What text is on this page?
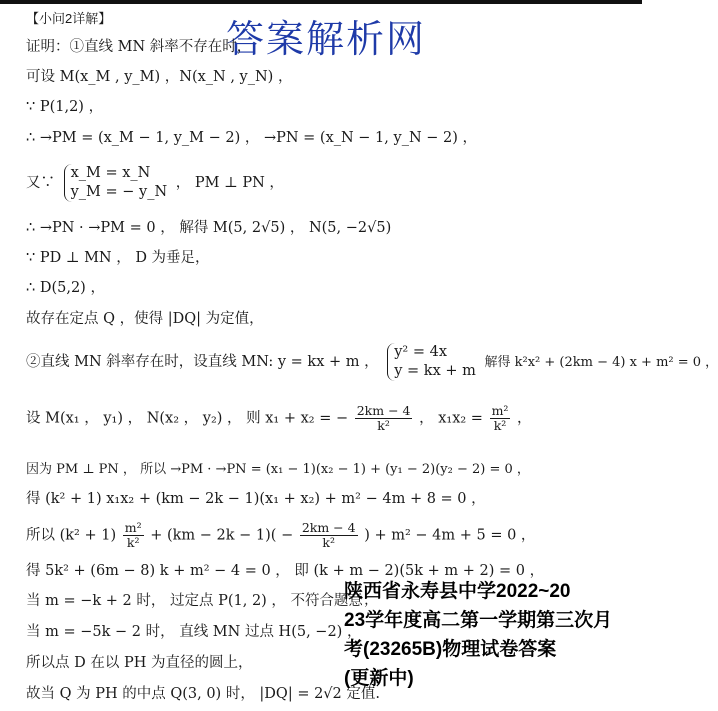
【小问2详解】	答案解析网
证明：①直线 MN 斜率不存在时，
可设 M(x_M , y_M) ，N(x_N , y_N) ，
∵ P(1,2) ，
∴ →PM = (x_M − 1, y_M − 2) ， →PN = (x_N − 1, y_N − 2) ，
又∵
x_M = x_N
y_M = − y_N
， PM ⊥ PN ，
∴ →PN · →PM = 0 ， 解得 M(5, 2√5) ， N(5, −2√5)
∵ PD ⊥ MN ， D 为垂足，
∴ D(5,2) ，
故存在定点 Q ，使得 |DQ| 为定值，
②直线 MN 斜率存在时，设直线 MN: y = kx + m ，
y² = 4x
y = kx + m
解得 k²x² + (2km − 4) x + m² = 0 ，
设 M(x₁ ， y₁) ， N(x₂ ， y₂) ， 则 x₁ + x₂ = − $\frac{2km - 4}{\text{k²}}$ ， $x_1x_2 = \frac{\text{m²}}{\text{k²}}$ ，
因为 PM ⊥ PN ， 所以 →PM · →PN = (x₁ − 1)(x₂ − 1) + (y₁ − 2)(y₂ − 2) = 0 ，
得 (k² + 1) x₁x₂ + (km − 2k − 1)(x₁ + x₂) + m² − 4m + 8 = 0 ，
所以 $(k^2 + 1) \frac{\text{m²}}{\text{k²}} + (km - 2k - 1)( - \frac{2km - 4}{\text{k²}}$ ) + m² − 4m + 5 = 0 ，
得 5k² + (6m − 8) k + m² − 4 = 0 ， 即 (k + m − 2)(5k + m + 2) = 0 ，
当 m = −k + 2 时， 过定点 P(1, 2) ， 不符合题意；
当 m = −5k − 2 时， 直线 MN 过点 H(5, −2) ，
所以点 D 在以 PH 为直径的圆上，
故当 Q 为 PH 的中点 Q(3, 0) 时， |DQ| = 2√2 定值.
陕西省永寿县中学2022~20
23学年度高二第一学期第三次月
考(23265B)物理试卷答案
(更新中)
